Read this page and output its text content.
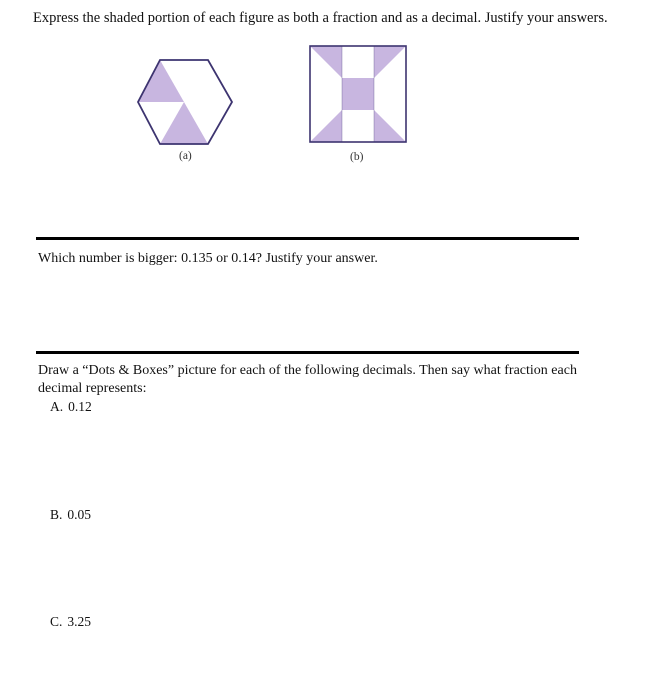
Express the shaded portion of each figure as both a fraction and as a decimal. Justify your answers.
(a)	(b)
Which number is bigger: 0.135 or 0.14? Justify your answer.
Draw a “Dots & Boxes” picture for each of the following decimals. Then say what fraction each decimal represents:
A. 0.12
B. 0.05
C. 3.25
